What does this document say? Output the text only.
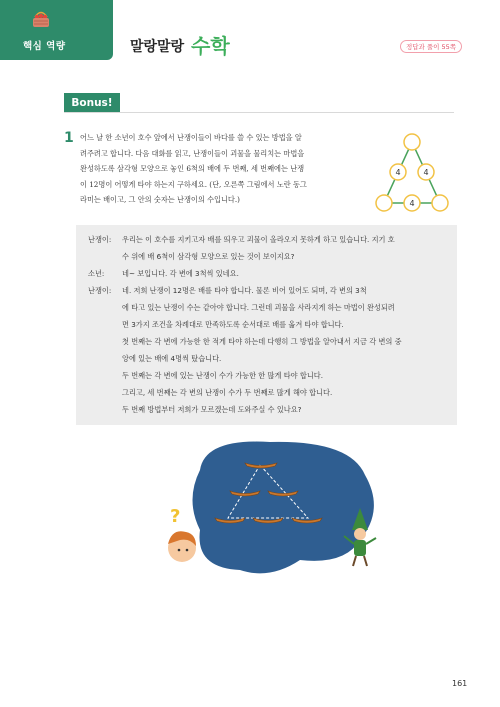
핵심 역량	말랑말랑 수학	정답과 풀이 55쪽
Bonus!
1 어느 날 한 소년이 호수 앞에서 난쟁이들이 바다를 쓸 수 있는 방법을 알
려주려고 합니다. 다음 대화를 읽고, 난쟁이들이 괴물을 물리치는 마법을
완성하도록 삼각형 모양으로 놓인 6척의 배에 두 번째, 세 번째에는 난쟁
이 12명이 어떻게 타야 하는지 구하세요. (단, 오른쪽 그림에서 노란 동그
라미는 배이고, 그 안의 숫자는 난쟁이의 수입니다.)
4	4
4
난쟁이: 우리는 이 호수를 지키고자 배를 띄우고 괴물이 올라오지 못하게 하고 있습니다. 지기 호
수 위에 배 6척이 삼각형 모양으로 있는 것이 보이지요?
소년: 네~ 보입니다. 각 변에 3척씩 있네요.
난쟁이: 네. 저희 난쟁이 12명은 배를 타야 합니다. 물론 비어 있어도 되며, 각 변의 3척
에 타고 있는 난쟁이 수는 같아야 합니다. 그런데 괴물을 사라지게 하는 마법이 완성되려
면 3가지 조건을 차례대로 만족하도록 순서대로 배를 옮겨 타야 합니다.
첫 번째는 각 변에 가능한 한 적게 타야 하는데 다행히 그 방법을 알아내서 지금 각 변의 중
앙에 있는 배에 4명씩 탔습니다.
두 번째는 각 변에 있는 난쟁이 수가 가능한 한 많게 타야 합니다.
그리고, 세 번째는 각 변의 난쟁이 수가 두 번째로 많게 해야 합니다.
두 번째 방법부터 저희가 모르겠는데 도와주실 수 있나요?
?
161
